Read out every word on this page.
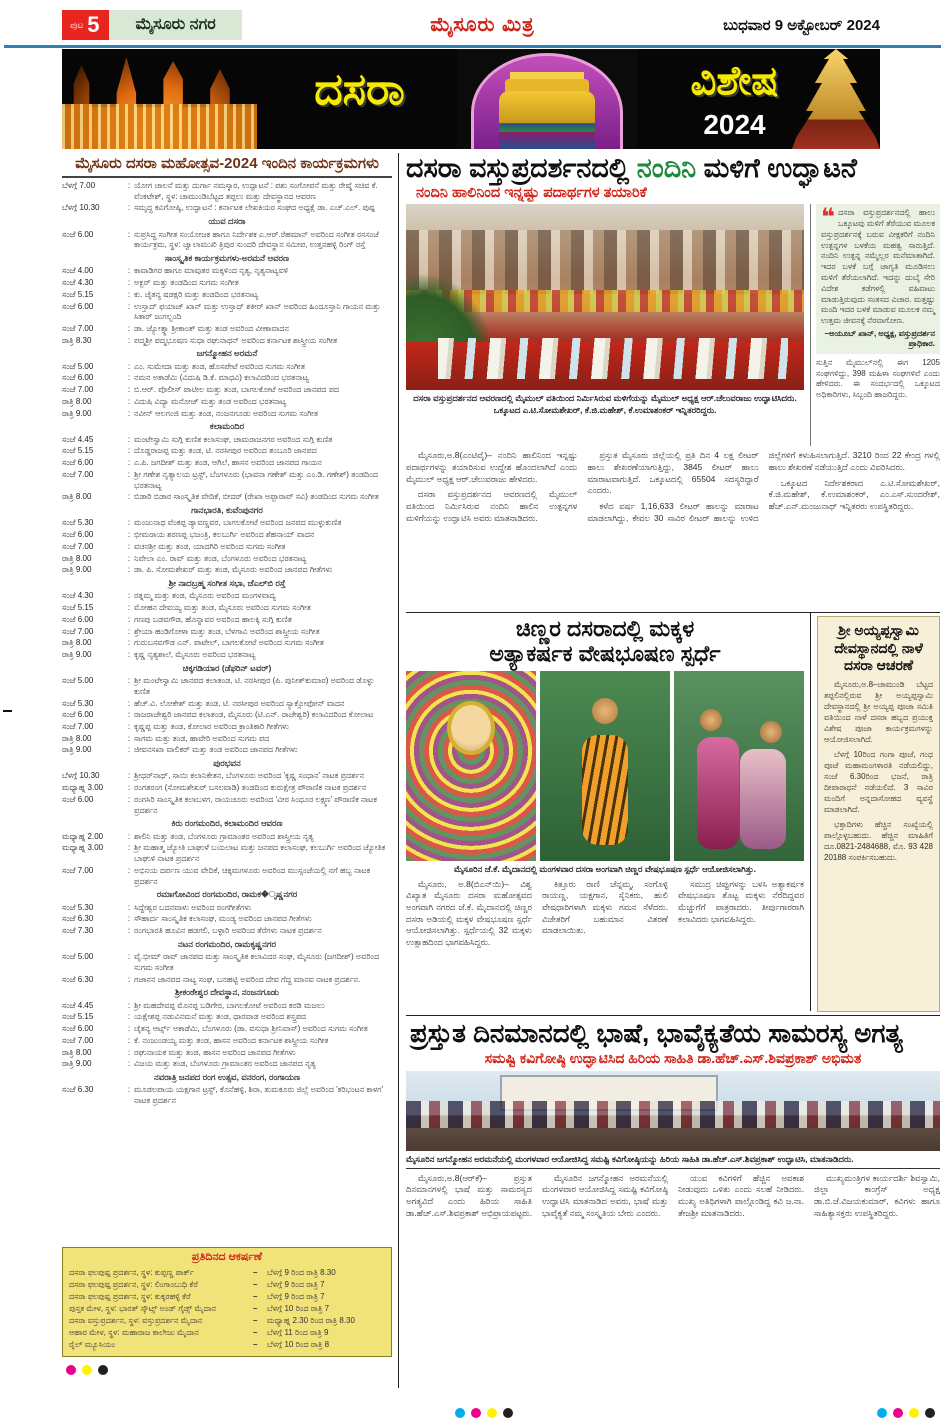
ಪುಟ 5	ಮೈಸೂರು ನಗರ	ಮೈಸೂರು ಮಿತ್ರ	ಬುಧವಾರ 9 ಅಕ್ಟೋಬರ್ 2024
ದಸರಾ	ವಿಶೇಷ
2024
ಮೈಸೂರು ದಸರಾ ಮಹೋತ್ಸವ-2024 ಇಂದಿನ ಕಾರ್ಯಕ್ರಮಗಳು
ಬೆಳಗ್ಗೆ 7.00	: ಯೋಗ ಚಾಲನೆ ಮತ್ತು ದುರ್ಗಾ ನಮಸ್ಕಾರ, ಉದ್ಘಾಟನೆ : ಪಶು ಸಂಗೋಪನೆ ಮತ್ತು ರೇಷ್ಮೆ ಸಚಿವ ಕೆ. ವೆಂಕಟೇಶ್, ಸ್ಥಳ: ಚಾಮುಂಡಿಬೆಟ್ಟದ ತಪ್ಪಲು ಮತ್ತು ದೇವಸ್ಥಾನದ ಆವರಣ
ಬೆಳಗ್ಗೆ 10.30	: ಸಮೃದ್ಧ ಕವಿಗೋಷ್ಠಿ, ಉದ್ಘಾಟನೆ : ಕರ್ನಾಟಕ ಲೇಖಕಿಯರ ಸಂಘದ ಅಧ್ಯಕ್ಷೆ ಡಾ. ಎಚ್.ಎಲ್. ಪುಷ್ಪ
ಯುವ ದಸರಾ
ಸಂಜೆ 6.00	: ಸುಪ್ರಸಿದ್ಧ ಸಂಗೀತ ಸಂಯೋಜಕ ಹಾಗೂ ನಿರ್ದೇಶಕ ಎ.ಆರ್.ರೆಹಮಾನ್ ಅವರಿಂದ ಸಂಗೀತ ರಸಸಂಜೆ ಕಾರ್ಯಕ್ರಮ, ಸ್ಥಳ: ಜ್ವಾಲಾಮುಖಿ ತ್ರಿಪುರ ಸುಂದರಿ ದೇವಸ್ಥಾನ ಸಮೀಪ, ಉತ್ತನಹಳ್ಳಿ ರಿಂಗ್ ರಸ್ತೆ
ಸಾಂಸ್ಕೃತಿಕ ಕಾರ್ಯಕ್ರಮಗಳು-ಅರಮನೆ ಆವರಣ
ಸಂಜೆ 4.00	: ಕಾವಾಡಿಗರ ಹಾಗೂ ಮಾವುತರ ಮಕ್ಕಳಿಂದ ನೃತ್ಯ, ನೃತ್ಯನಾಟ್ಯವಳಿ
ಸಂಜೆ 4.30	: ಅಕ್ಬರ್ ಮತ್ತು ತಂಡದಿಂದ ಸುಗಮ ಸಂಗೀತ
ಸಂಜೆ 5.15	: ಕು. ಚೈತನ್ಯ ಷಡಕ್ಷರಿ ಮತ್ತು ತಂಡದಿಂದ ಭರತನಾಟ್ಯ
ಸಂಜೆ 6.00	: ಉಸ್ತಾದ್ ಫಯಾಜ್ ಖಾನ್ ಮತ್ತು ಉಸ್ತಾದ್ ಶಕೀರ್ ಖಾನ್ ಅವರಿಂದ ಹಿಂದೂಸ್ತಾನಿ ಗಾಯನ ಮತ್ತು ಸಿತಾರ್ ಜುಗಲ್ಬಂದಿ
ಸಂಜೆ 7.00	: ಡಾ. ಜ್ಯೋತ್ಸ್ನಾ ಶ್ರೀಕಾಂತ್ ಮತ್ತು ತಂಡ ಅವರಿಂದ ವೀಣಾವಾದನ
ರಾತ್ರಿ 8.30	: ಪದ್ಮಶ್ರೀ ಪದ್ಮಭೂಷಣ ಸುಧಾ ರಘುನಾಥನ್ ಅವರಿಂದ ಕರ್ನಾಟಕ ಶಾಸ್ತ್ರೀಯ ಸಂಗೀತ
ಜಗನ್ಮೋಹನ ಅರಮನೆ
ಸಂಜೆ 5.00	: ಎಂ. ಸುಮೇದಾ ಮತ್ತು ತಂಡ, ಹೊಸಪೇಟೆ ಅವರಿಂದ ಸುಗಮ ಸಂಗೀತ
ಸಂಜೆ 6.00	: ನಮನ ಅಕಾಡೆಮಿ (ವಿದುಷಿ ಡಿ.ಕೆ. ಮಾಧವಿ) ಕಲಾವಿದರಿಂದ ಭರತನಾಟ್ಯ
ಸಂಜೆ 7.00	: ಬಿ.ಆರ್. ಪೊಲೀಸ್ ಪಾಟೀಲ ಮತ್ತು ತಂಡ, ಬಾಗಲಕೋಟೆ ಅವರಿಂದ ಜಾನಪದ ಪದ
ರಾತ್ರಿ 8.00	: ವಿದುಷಿ ವಿದ್ಯಾ ಮನೋಜ್ ಮತ್ತು ತಂಡ ಅವರಿಂದ ಭರತನಾಟ್ಯ
ರಾತ್ರಿ 9.00	: ನವೀನ್ ಆಲಗಂಜಿ ಮತ್ತು ತಂಡ, ನಂಜನಗೂಡು ಅವರಿಂದ ಸುಗಮ ಸಂಗೀತ
ಕಲಾಮಂದಿರ
ಸಂಜೆ 4.45	: ಮಂಟೇಸ್ವಾಮಿ ಸುಗ್ಗಿ ಕುಣಿತ ಕಲಾಸಂಘ, ಚಾಮರಾಜನಗರ ಅವರಿಂದ ಸುಗ್ಗಿ ಕುಣಿತ
ಸಂಜೆ 5.15	: ದೊಡ್ಡರಾಜಪ್ಪ ಮತ್ತು ತಂಡ, ಟಿ. ನರಸೀಪುರ ಅವರಿಂದ ತಂಬೂರಿ ಜಾನಪದ
ಸಂಜೆ 6.00	: ಎ.ಪಿ. ಜಗದೀಶ್ ಮತ್ತು ತಂಡ, ಆಗಿಲೆ, ಹಾಸನ ಅವರಿಂದ ಜಾನಪದ ಗಾಯನ
ಸಂಜೆ 7.00	: ಶ್ರೀ ಗಣೇಶ ನೃತ್ಯಾಲಯ ಟ್ರಸ್ಟ್, ಬೆಂಗಳೂರು (ಭಾವನಾ ಗಣೇಶ್ ಮತ್ತು ಎಂ.ಡಿ. ಗಣೇಶ್) ತಂಡದಿಂದ ಭರತನಾಟ್ಯ
ರಾತ್ರಿ 8.00	: ಬಿಡಾರಿ ಬಿಡಾರ ಸಾಂಸ್ಕೃತಿಕ ವೇದಿಕೆ, ಬೀದರ್ (ರೇಖಾ ಅಪ್ಪಾರಾವ್ ಸವಿ) ತಂಡದಿಂದ ಸುಗಮ ಸಂಗೀತ
ಗಾನಭಾರತಿ, ಕುವೆಂಪುನಗರ
ಸಂಜೆ 5.30	: ಮಂಜುನಾಥ ವೆಂಕಪ್ಪ ಡ್ಯಾವಣ್ಣವರ, ಬಾಗಲಕೋಟೆ ಅವರಿಂದ ಜನಪದ ಮುಳ್ಳುಕುಣಿತ
ಸಂಜೆ 6.00	: ಭೀಮರಾಯ ಶರಣಪ್ಪ ಭಜಂತ್ರಿ, ಕಲಬುರ್ಗಿ ಅವರಿಂದ ಶೆಹನಾಯ್ ವಾದನ
ಸಂಜೆ 7.00	: ವಚನಶ್ರೀ ಮತ್ತು ತಂಡ, ಯಾದಗಿರಿ ಅವರಿಂದ ಸುಗಮ ಸಂಗೀತ
ರಾತ್ರಿ 8.00	: ನಿವೇಲಾ ಎಂ. ರಾವ್ ಮತ್ತು ತಂಡ, ಬೆಂಗಳೂರು ಅವರಿಂದ ಭರತನಾಟ್ಯ
ರಾತ್ರಿ 9.00	: ಡಾ. ಪಿ. ಸೋಮಶೇಖರ್ ಮತ್ತು ತಂಡ, ಮೈಸೂರು ಅವರಿಂದ ಜಾನಪದ ಗೀತೆಗಳು
ಶ್ರೀ ನಾದಬ್ರಹ್ಮ ಸಂಗೀತ ಸಭಾ, ಜೆಎಲ್‌ಬಿ ರಸ್ತೆ
ಸಂಜೆ 4.30	: ರತ್ನಮ್ಮ ಮತ್ತು ತಂಡ, ಮೈಸೂರು ಅವರಿಂದ ಮಂಗಳವಾದ್ಯ
ಸಂಜೆ 5.15	: ಮೋಹನ ದೇವಯ್ಯ ಮತ್ತು ತಂಡ, ಮೈಸೂರು ಅವರಿಂದ ಸುಗಮ ಸಂಗೀತ
ಸಂಜೆ 6.00	: ಗಣಪು ಬಡವಗೌಡ, ಹೊನ್ನಾವರ ಅವರಿಂದ ಹಾಲಕ್ಕಿ ಸುಗ್ಗಿ ಕುಣಿತ
ಸಂಜೆ 7.00	: ಶ್ರೇಯಾ ಹಂಡಿಗೋಳಾ ಮತ್ತು ತಂಡ, ಬೆಳಗಾವಿ ಅವರಿಂದ ಶಾಸ್ತ್ರೀಯ ಸಂಗೀತ
ರಾತ್ರಿ 8.00	: ಗುರುಬಸವಗೌಡ ಎನ್. ಪಾಟೇಲ್, ಬಾಗಲಕೋಟೆ ಅವರಿಂದ ಸುಗಮ ಸಂಗೀತ
ರಾತ್ರಿ 9.00	: ಕೃಷ್ಣ ನೃತ್ಯಶಾಲೆ, ಮೈಸೂರು ಅವರಿಂದ ಭರತನಾಟ್ಯ
ಚಿಕ್ಕಗಡಿಯಾರ (ಡೆಫರಿನ್ ಟವರ್)
ಸಂಜೆ 5.00	: ಶ್ರೀ ಮಂಟೇಸ್ವಾಮಿ ಜಾನಪದ ಕಲಾತಂಡ, ಟಿ. ನರಸೀಪುರ (ಪಿ. ಪುನೀತ್‌ಕುಮಾರ) ಅವರಿಂದ ಡೊಳ್ಳು ಕುಣಿತ
ಸಂಜೆ 5.30	: ಹೆಚ್.ವಿ. ಲೋಕೇಶ್ ಮತ್ತು ತಂಡ, ಟಿ. ನರಸೀಪುರ ಅವರಿಂದ ಸ್ಯಾಕ್ಸೋಫೋನ್ ವಾದನ
ಸಂಜೆ 6.00	: ರಾಜರಾಜೇಶ್ವರಿ ಜಾನಪದ ಕಲಾತಂಡ, ಮೈಸೂರು (ಟಿ.ಎನ್. ರಾಜೇಶ್ವರಿ) ಕಲಾವಿದರಿಂದ ಕೋಲಾಟ
ಸಂಜೆ 7.00	: ಕೃಷ್ಣಪ್ಪ ಮತ್ತು ತಂಡ, ಕೋಲಾರ ಅವರಿಂದ ಕ್ರಾಂತಿಕಾರಿ ಗೀತೆಗಳು
ರಾತ್ರಿ 8.00	: ಸಾಗಮ ಮತ್ತು ತಂಡ, ಹಾವೇರಿ ಅವರಿಂದ ಸುಗಮ ಪದ
ರಾತ್ರಿ 9.00	: ಜೀವನಸಖಾ ವಾಲಿಕರ್ ಮತ್ತು ತಂಡ ಅವರಿಂದ ಜಾನಪದ ಗೀತೆಗಳು
ಪುರಭವನ
ಬೆಳಗ್ಗೆ 10.30	: ಶ್ರೀಧರ್‌ನಾಥ್, ಸಾಯಿ ಕಲಾನಿಕೇತನ, ಬೆಂಗಳೂರು ಅವರಿಂದ 'ಕೃಷ್ಣ ಸಂಧಾನ' ನಾಟಕ ಪ್ರದರ್ಶನ
ಮಧ್ಯಾಹ್ನ 3.00	: ರಂಗತರಂಗ (ಸೋಮಶೇಖರ್ ಬಸಲವಾಡಿ) ತಂಡದಿಂದ ಕುರುಕ್ಷೇತ್ರ ಪೌರಾಣಿಕ ನಾಟಕ ಪ್ರದರ್ಶನ
ಸಂಜೆ 6.00	: ರಂಗಸಿರಿ ಸಾಂಸ್ಕೃತಿಕ ಕಲಾಬಳಗ, ರಾಯಚೂರು ಅವರಿಂದ 'ವೀರ ಸಿಂಧೂರ ಲಕ್ಷ್ಮಣ' ಪೌರಾಣಿಕ ನಾಟಕ ಪ್ರದರ್ಶನ
ಕಿರು ರಂಗಮಂದಿರ, ಕಲಾಮಂದಿರ ಆವರಣ
ಮಧ್ಯಾಹ್ನ 2.00	: ಶಾಲಿನಿ ಮತ್ತು ತಂಡ, ಬೆಂಗಳೂರು ಗ್ರಾಮಾಂತರ ಅವರಿಂದ ಶಾಸ್ತ್ರೀಯ ನೃತ್ಯ
ಮಧ್ಯಾಹ್ನ 3.00	: ಶ್ರೀ ಮಹಾತ್ಮ ಜ್ಯೋತಿ ಬಾಘುಳೆ ಬಯಲಾಟ ಮತ್ತು ಜನಪದ ಕಲಾಸಂಘ, ಕಲಬುರ್ಗಿ ಅವರಿಂದ ಜ್ಯೋತಿಕ ಬಾಘುಳಿ ನಾಟಕ ಪ್ರದರ್ಶನ
ಸಂಜೆ 7.00	: ಅಭಿನಯ ದರ್ಪಣ ಯುವ ವೇದಿಕೆ, ಚಿಕ್ಕಮಗಳೂರು ಅವರಿಂದ ಮುಸ್ಸಂಜೆಯಲ್ಲಿ ನಗೆ ಹಬ್ಬ ನಾಟಕ ಪ್ರದರ್ಶನ
ರಮಾಗೋವಿಂದ ರಂಗಮಂದಿರ, ರಾಮಕ�ೃಷ್ಣನಗರ
ಸಂಜೆ 5.30	: ಸಿದ್ದೇಶ್ವರ ಬದನವಾಳು ಅವರಿಂದ ರಂಗಗೀತೆಗಳು
ಸಂಜೆ 6.30	: ಸೌಹಾರ್ದ ಸಾಂಸ್ಕೃತಿಕ ಕಲಾಸಂಘ, ಮಂಡ್ಯ ಅವರಿಂದ ಜಾನಪದ ಗೀತೆಗಳು
ಸಂಜೆ 7.30	: ರಂಗಭಾರತಿ ಹೂವಿನ ಹಡಗಲಿ, ಬಳ್ಳಾರಿ ಅವರಿಂದ ತೆರೆಗಳು ನಾಟಕ ಪ್ರದರ್ಶನ
ನಟನ ರಂಗಮಂದಿರ, ರಾಮಕೃಷ್ಣನಗರ
ಸಂಜೆ 5.00	: ವೈ.ಭೀಮ್ ರಾವ್ ಜಾನಪದ ಮತ್ತು ಸಾಂಸ್ಕೃತಿಕ ಕಲಾವಿದರ ಸಂಘ, ಮೈಸೂರು (ಜಗದೀಶ್) ಅವರಿಂದ ಸುಗಮ ಸಂಗೀತ
ಸಂಜೆ 6.30	: ಗಜಾನನ ಜಾನಪದ ನಾಟ್ಯ ಸಂಘ, ಬನಹಟ್ಟಿ ಅವರಿಂದ ದೇವ ಗೆದ್ದ ಮಾನವ ನಾಟಕ ಪ್ರದರ್ಶನ.
ಶ್ರೀಕಂಠೇಶ್ವರ ದೇವಸ್ಥಾನ, ನಂಜನಗೂಡು
ಸಂಜೆ 4.45	: ಶ್ರೀ ಮಹದೇವಪ್ಪ ಮೊನಪ್ಪ ಬಡಿಗೇರ, ಬಾಗಲಕೋಟೆ ಅವರಿಂದ ಕರಡಿ ಮಜಲು
ಸಂಜೆ 5.15	: ಯಕ್ಷೇಶಪ್ಪ ನಡುವಿನಮನೆ ಮತ್ತು ತಂಡ, ಧಾರವಾಡ ಅವರಿಂದ ಶಸ್ತ್ರಪದ
ಸಂಜೆ 6.00	: ಚೈತನ್ಯ ಆರ್ಟ್ಸ್ ಅಕಾಡೆಮಿ, ಬೆಂಗಳೂರು (ಡಾ. ವಸುಧಾ ಶ್ರೀನಿವಾಸ್) ಅವರಿಂದ ಸುಗಮ ಸಂಗೀತ
ಸಂಜೆ 7.00	: ಕೆ. ನಂಜುಂಡಯ್ಯ ಮತ್ತು ತಂಡ, ಹಾಸನ ಅವರಿಂದ ಕರ್ನಾಟಕ ಶಾಸ್ತ್ರೀಯ ಸಂಗೀತ
ರಾತ್ರಿ 8.00	: ರಘುನಾಯಕ ಮತ್ತು ತಂಡ, ಹಾಸನ ಅವರಿಂದ ಜಾನಪದ ಗೀತೆಗಳು
ರಾತ್ರಿ 9.00	: ವಿಜಯ ಮತ್ತು ತಂಡ, ಬೆಂಗಳೂರು ಗ್ರಾಮಾಂತರ ಅವರಿಂದ ಜಾನಪದ ನೃತ್ಯ
ನವರಾತ್ರಿ ಜನಪದ ರಂಗ ಉತ್ಸವ, ವನರಂಗ, ರಂಗಾಯಣ
ಸಂಜೆ 6.30	: ಮೂಡಲಪಾಯ ಯಕ್ಷಗಾನ ಟ್ರಸ್ಟ್, ಕೊನೆಹಳ್ಳಿ, ಶಿರಾ, ತುಮಕೂರು ಜಿಲ್ಲೆ ಅವರಿಂದ 'ಕರಿಭಂಟನ ಕಾಳಗ' ನಾಟಕ ಪ್ರದರ್ಶನ
ಪ್ರತಿದಿನದ ಆಕರ್ಷಣೆ
ದಸರಾ ಫಲಪುಷ್ಪ ಪ್ರದರ್ಶನ, ಸ್ಥಳ: ಕುಪ್ಪಣ್ಣ ಪಾರ್ಕ್	–	ಬೆಳಗ್ಗೆ 9 ರಿಂದ ರಾತ್ರಿ 8.30
ದಸರಾ ಫಲಪುಷ್ಪ ಪ್ರದರ್ಶನ, ಸ್ಥಳ: ಲಿಂಗಾಂಬುಧಿ ಕೆರೆ	–	ಬೆಳಗ್ಗೆ 9 ರಿಂದ ರಾತ್ರಿ 7
ದಸರಾ ಫಲಪುಷ್ಪ ಪ್ರದರ್ಶನ, ಸ್ಥಳ: ಕುಕ್ಕರಹಳ್ಳಿ ಕೆರೆ	–	ಬೆಳಗ್ಗೆ 9 ರಿಂದ ರಾತ್ರಿ 7
ಪುಸ್ತಕ ಮೇಳ, ಸ್ಥಳ: ಭಾರತ್ ಸ್ಕೌಟ್ಸ್ ಅಂಡ್ ಗೈಡ್ಸ್ ಮೈದಾನ	–	ಬೆಳಗ್ಗೆ 10 ರಿಂದ ರಾತ್ರಿ 7
ದಸರಾ ವಸ್ತುಪ್ರದರ್ಶನ, ಸ್ಥಳ: ವಸ್ತುಪ್ರದರ್ಶನ ಮೈದಾನ	–	ಮಧ್ಯಾಹ್ನ 2.30 ರಿಂದ ರಾತ್ರಿ 8.30
ಆಹಾರ ಮೇಳ, ಸ್ಥಳ: ಮಹಾರಾಜ ಕಾಲೇಜು ಮೈದಾನ	–	ಬೆಳಗ್ಗೆ 11 ರಿಂದ ರಾತ್ರಿ 9
ರೈಲ್ ಮ್ಯೂಸಿಯಂ	–	ಬೆಳಗ್ಗೆ 10 ರಿಂದ ರಾತ್ರಿ 8
ದಸರಾ ವಸ್ತುಪ್ರದರ್ಶನದಲ್ಲಿ ನಂದಿನಿ ಮಳಿಗೆ ಉದ್ಘಾಟನೆ
ನಂದಿನಿ ಹಾಲಿನಿಂದ ಇನ್ನಷ್ಟು ಪದಾರ್ಥಗಳ ತಯಾರಿಕೆ
ದಸರಾ ವಸ್ತುಪ್ರದರ್ಶನದ ಆವರಣದಲ್ಲಿ ಮೈಮುಲ್ ವತಿಯಿಂದ ನಿರ್ಮಿಸಿರುವ ಮಳಿಗೆಯನ್ನು ಮೈಮುಲ್ ಅಧ್ಯಕ್ಷ ಆರ್.ಚೆಲುವರಾಜು ಉದ್ಘಾಟಿಸಿದರು. ಒಕ್ಕೂಟದ ಎ.ಟಿ.ಸೋಮಶೇಖರ್, ಕೆ.ಜಿ.ಮಹೇಶ್, ಕೆ.ಉಮಾಶಂಕರ್ ಇನ್ನಿತರರಿದ್ದರು.
❝ ದಸರಾ ವಸ್ತುಪ್ರದರ್ಶನದಲ್ಲಿ ಹಾಲು ಒಕ್ಕೂಟವು ಮಳಿಗೆ ತೆರೆಯುವ ಮೂಲಕ ವಸ್ತುಪ್ರದರ್ಶನಕ್ಕೆ ಬರುವ ವೀಕ್ಷಕರಿಗೆ ನಂದಿನಿ ಉತ್ಪನ್ನಗಳ ಬಳಕೆಯ ಮಹತ್ವ ಸಾರುತ್ತಿದೆ. ನಂದಿನಿ ಉತ್ಪನ್ನ ನಮ್ಮೆಲ್ಲರ ಮನೆಮಾತಾಗಿದೆ. ಇದರ ಬಳಕೆ ಬಗ್ಗೆ ಜಾಗೃತಿ ಮೂಡಿಸಲು ಮಳಿಗೆ ತೆರೆಯಲಾಗಿದೆ. ಇದನ್ನು ದುಬೈ ಸೇರಿ ವಿದೇಶ ಕಡೆಗಳಲ್ಲಿ ವಹಿವಾಟು ಮಾಡುತ್ತಿರುವುದು ಸಂತಸದ ವಿಚಾರ. ಮತ್ತಷ್ಟು ಮಂದಿ ಇದರ ಬಳಕೆ ಮಾಡುವ ಮೂಲಕ ನಮ್ಮ ಉತ್ತಮ ಜೀವನಕ್ಕೆ ನೆರವಾಗೋಣ.
–ಅಯೂಬ್ ಖಾನ್, ಅಧ್ಯಕ್ಷ, ವಸ್ತುಪ್ರದರ್ಶನ ಪ್ರಾಧಿಕಾರ.
ಸುತ್ತಿನ ಮೈಮುಲ್‌ನಲ್ಲಿ ಈಗ 1205 ಸಂಘಗಳಿದ್ದು, 398 ಮಹಿಳಾ ಸಂಘಗಳಿವೆ ಎಂದು ಹೇಳಿದರು. ಈ ಸಂದರ್ಭದಲ್ಲಿ ಒಕ್ಕೂಟದ ಅಧಿಕಾರಿಗಳು, ಸಿಬ್ಬಂದಿ ಹಾಜರಿದ್ದರು.

ಮೈಸೂರು,ಅ.8(ಎಂಟಿವೈ)– ನಂದಿನಿ ಹಾಲಿನಿಂದ ಇನ್ನಷ್ಟು ಪದಾರ್ಥಗಳನ್ನು ತಯಾರಿಸುವ ಉದ್ದೇಶ ಹೊಂದಲಾಗಿದೆ ಎಂದು ಮೈಮುಲ್ ಅಧ್ಯಕ್ಷ ಆರ್.ಚೆಲುವರಾಜು ಹೇಳಿದರು.

ದಸರಾ ವಸ್ತುಪ್ರದರ್ಶನದ ಆವರಣದಲ್ಲಿ ಮೈಮುಲ್ ವತಿಯಿಂದ ನಿರ್ಮಿಸಿರುವ ನಂದಿನಿ ಹಾಲಿನ ಉತ್ಪನ್ನಗಳ ಮಳಿಗೆಯನ್ನು ಉದ್ಘಾಟಿಸಿ ಅವರು ಮಾತನಾಡಿದರು.

ಪ್ರಸ್ತುತ ಮೈಸೂರು ಜಿಲ್ಲೆಯಲ್ಲಿ ಪ್ರತಿ ದಿನ 4 ಲಕ್ಷ ಲೀಟರ್ ಹಾಲು ಶೇಖರಣೆಯಾಗುತ್ತಿದ್ದು, 3845 ಲೀಟರ್ ಹಾಲು ಮಾರಾಟವಾಗುತ್ತಿದೆ. ಒಕ್ಕೂಟದಲ್ಲಿ 65504 ಸದಸ್ಯರಿದ್ದಾರೆ ಎಂದರು.

ಕಳೆದ ವರ್ಷ 1,16,633 ಲೀಟರ್ ಹಾಲನ್ನು ಮಾರಾಟ ಮಾಡಲಾಗಿದ್ದು, ಕೇವಲ 30 ಸಾವಿರ ಲೀಟರ್ ಹಾಲನ್ನು ಉಳಿದ ಜಿಲ್ಲೆಗಳಿಗೆ ಕಳುಹಿಸಲಾಗುತ್ತಿದೆ. 3210 ರಿಂದ 22 ಕೇಂದ್ರ ಗಳಲ್ಲಿ ಹಾಲು ಶೇಖರಣೆ ನಡೆಯುತ್ತಿದೆ ಎಂದು ವಿವರಿಸಿದರು.

ಒಕ್ಕೂಟದ ನಿರ್ದೇಶಕರಾದ ಎ.ಟಿ.ಸೋಮಶೇಖರ್, ಕೆ.ಜಿ.ಮಹೇಶ್, ಕೆ.ಉಮಾಶಂಕರ್, ಎಂ.ಎಸ್.ಸುಂದರೇಶ್, ಹೆಚ್.ಎನ್.ಮಂಜುನಾಥ್ ಇನ್ನಿತರರು ಉಪಸ್ಥಿತರಿದ್ದರು.

ಚಿಣ್ಣರ ದಸರಾದಲ್ಲಿ ಮಕ್ಕಳ
ಅತ್ಯಾಕರ್ಷಕ ವೇಷಭೂಷಣ ಸ್ಪರ್ಧೆ
ಮೈಸೂರಿನ ಜೆ.ಕೆ. ಮೈದಾನದಲ್ಲಿ ಮಂಗಳವಾರ ದಸರಾ ಅಂಗವಾಗಿ ಚಿಣ್ಣರ ವೇಷಭೂಷಣ ಸ್ಪರ್ಧೆ ಆಯೋಜಿಸಲಾಗಿತ್ತು.

ಮೈಸೂರು, ಅ.8(ಬಿಎನ್‌ಯಿ)– ವಿಶ್ವ ವಿಖ್ಯಾತ ಮೈಸೂರು ದಸರಾ ಮಹೋತ್ಸವದ ಅಂಗವಾಗಿ ನಗರದ ಜೆ.ಕೆ. ಮೈದಾನದಲ್ಲಿ ಚಿಣ್ಣರ ದಸರಾ ಅಡಿಯಲ್ಲಿ ಮಕ್ಕಳ ವೇಷಭೂಷಣ ಸ್ಪರ್ಧೆ ಆಯೋಜಿಸಲಾಗಿತ್ತು. ಸ್ಪರ್ಧೆಯಲ್ಲಿ 32 ಮಕ್ಕಳು ಉತ್ಸಾಹದಿಂದ ಭಾಗವಹಿಸಿದ್ದರು.

ಕಿತ್ತೂರು ರಾಣಿ ಚೆನ್ನಮ್ಮ, ಸಂಗೊಳ್ಳಿ ರಾಯಣ್ಣ, ಯಕ್ಷಗಾನ, ಸೈನಿಕರು, ಹುಲಿ ವೇಷಧಾರಿಗಳಾಗಿ ಮಕ್ಕಳು ಗಮನ ಸೆಳೆದರು. ವಿಜೇತರಿಗೆ ಬಹುಮಾನ ವಿತರಣೆ ಮಾಡಲಾಯಿತು.

ಸಮುದ್ರ ಚಿಪ್ಪುಗಳನ್ನು ಬಳಸಿ ಅತ್ಯಾಕರ್ಷಕ ವೇಷಭೂಷಣ ತೊಟ್ಟ ಮಕ್ಕಳು ನೆರೆದಿದ್ದವರ ಮೆಚ್ಚುಗೆಗೆ ಪಾತ್ರರಾದರು. ತೀರ್ಪುಗಾರರಾಗಿ ಕಲಾವಿದರು ಭಾಗವಹಿಸಿದ್ದರು.

ಶ್ರೀ ಅಯ್ಯಪ್ಪಸ್ವಾಮಿ ದೇವಸ್ಥಾನದಲ್ಲಿ ನಾಳೆ ದಸರಾ ಆಚರಣೆ

ಮೈಸೂರು,ಅ.8–ಚಾಮುಂಡಿ ಬೆಟ್ಟದ ತಪ್ಪಲಿನಲ್ಲಿರುವ ಶ್ರೀ ಅಯ್ಯಪ್ಪಸ್ವಾಮಿ ದೇವಸ್ಥಾನದಲ್ಲಿ ಶ್ರೀ ಅಯ್ಯಪ್ಪ ಪೂಜಾ ಸಮಿತಿ ವತಿಯಿಂದ ನಾಳೆ ದಸರಾ ಹಬ್ಬದ ಪ್ರಯುಕ್ತ ವಿಶೇಷ ಪೂಜಾ ಕಾರ್ಯಕ್ರಮಗಳನ್ನು ಆಯೋಜಿಸಲಾಗಿದೆ.

ಬೆಳಗ್ಗೆ 10ರಿಂದ ಗಂಗಾ ಪೂಜೆ, ಗಂಧ ಪೂಜೆ ಮಹಾಮಂಗಳಾರತಿ ನಡೆಯಲಿದ್ದು, ಸಂಜೆ 6.30ರಿಂದ ಭಜನೆ, ರಾತ್ರಿ ದೀಪಾರಾಧನೆ ನಡೆಯಲಿದೆ. 3 ಸಾವಿರ ಮಂದಿಗೆ ಅನ್ನದಾಸೋಹದ ವ್ಯವಸ್ಥೆ ಮಾಡಲಾಗಿದೆ.

ಭಕ್ತಾದಿಗಳು ಹೆಚ್ಚಿನ ಸಂಖ್ಯೆಯಲ್ಲಿ ಪಾಲ್ಗೊಳ್ಳಬಹುದು. ಹೆಚ್ಚಿನ ಮಾಹಿತಿಗೆ ದೂ.0821-2484688, ಮೊ. 93 428 20188 ಸಂಪರ್ಕಿಸಬಹುದು.

ಪ್ರಸ್ತುತ ದಿನಮಾನದಲ್ಲಿ ಭಾಷೆ, ಭಾವೈಕ್ಯತೆಯ ಸಾಮರಸ್ಯ ಅಗತ್ಯ
ಸಮಷ್ಟಿ ಕವಿಗೋಷ್ಠಿ ಉದ್ಘಾಟಿಸಿದ ಹಿರಿಯ ಸಾಹಿತಿ ಡಾ.ಹೆಚ್.ಎಸ್.ಶಿವಪ್ರಕಾಶ್ ಅಭಿಮತ
ಮೈಸೂರಿನ ಜಗನ್ಮೋಹನ ಅರಮನೆಯಲ್ಲಿ ಮಂಗಳವಾರ ಆಯೋಜಿಸಿದ್ದ ಸಮಷ್ಟಿ ಕವಿಗೋಷ್ಠಿಯನ್ನು ಹಿರಿಯ ಸಾಹಿತಿ ಡಾ.ಹೆಚ್.ಎಸ್.ಶಿವಪ್ರಕಾಶ್ ಉದ್ಘಾಟಿಸಿ, ಮಾತನಾಡಿದರು.

ಮೈಸೂರು,ಅ.8(ಆರ್‌ಕೆ)– ಪ್ರಸ್ತುತ ದಿನಮಾನಗಳಲ್ಲಿ ಭಾಷೆ ಮತ್ತು ಸಾಮರಸ್ಯದ ಅಗತ್ಯವಿದೆ ಎಂದು ಹಿರಿಯ ಸಾಹಿತಿ ಡಾ.ಹೆಚ್.ಎಸ್.ಶಿವಪ್ರಕಾಶ್ ಅಭಿಪ್ರಾಯಪಟ್ಟರು.

ಮೈಸೂರಿನ ಜಗನ್ಮೋಹನ ಅರಮನೆಯಲ್ಲಿ ಮಂಗಳವಾರ ಆಯೋಜಿಸಿದ್ದ ಸಮಷ್ಟಿ ಕವಿಗೋಷ್ಠಿ ಉದ್ಘಾಟಿಸಿ ಮಾತನಾಡಿದ ಅವರು, ಭಾಷೆ ಮತ್ತು ಭಾವೈಕ್ಯತೆ ನಮ್ಮ ಸಂಸ್ಕೃತಿಯ ಬೇರು ಎಂದರು.

ಯುವ ಕವಿಗಳಿಗೆ ಹೆಚ್ಚಿನ ಅವಕಾಶ ನೀಡುವುದು ಒಳಿತು ಎಂದು ಸಲಹೆ ನೀಡಿದರು. ಮುಖ್ಯ ಅತಿಥಿಗಳಾಗಿ ಪಾಲ್ಗೊಂಡಿದ್ದ ಕವಿ ಜ.ನಾ. ತೇಜಶ್ರೀ ಮಾತನಾಡಿದರು.

ಮುಖ್ಯಮಂತ್ರಿಗಳ ಕಾರ್ಯದರ್ಶಿ ಶಿವಸ್ವಾಮಿ, ಜಿಲ್ಲಾ ಕಾಂಗ್ರೆಸ್ ಅಧ್ಯಕ್ಷ ಡಾ.ಬಿ.ಜೆ.ವಿಜಯಕುಮಾರ್, ಕವಿಗಳು ಹಾಗೂ ಸಾಹಿತ್ಯಾಸಕ್ತರು ಉಪಸ್ಥಿತರಿದ್ದರು.
